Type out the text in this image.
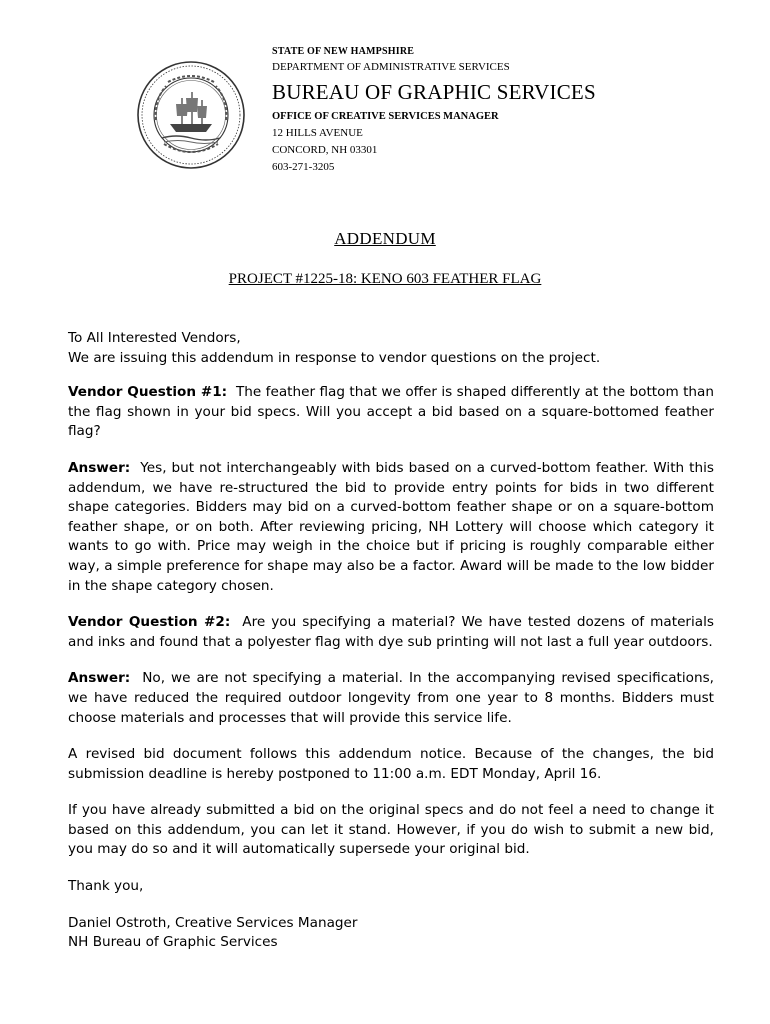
STATE OF NEW HAMPSHIRE
DEPARTMENT OF ADMINISTRATIVE SERVICES
BUREAU OF GRAPHIC SERVICES
OFFICE OF CREATIVE SERVICES MANAGER
12 HILLS AVENUE
CONCORD, NH 03301
603-271-3205
ADDENDUM
PROJECT #1225-18: KENO 603 FEATHER FLAG
To All Interested Vendors,
We are issuing this addendum in response to vendor questions on the project.
Vendor Question #1: The feather flag that we offer is shaped differently at the bottom than the flag shown in your bid specs. Will you accept a bid based on a square-bottomed feather flag?
Answer: Yes, but not interchangeably with bids based on a curved-bottom feather. With this addendum, we have re-structured the bid to provide entry points for bids in two different shape categories. Bidders may bid on a curved-bottom feather shape or on a square-bottom feather shape, or on both. After reviewing pricing, NH Lottery will choose which category it wants to go with. Price may weigh in the choice but if pricing is roughly comparable either way, a simple preference for shape may also be a factor. Award will be made to the low bidder in the shape category chosen.
Vendor Question #2: Are you specifying a material? We have tested dozens of materials and inks and found that a polyester flag with dye sub printing will not last a full year outdoors.
Answer: No, we are not specifying a material. In the accompanying revised specifications, we have reduced the required outdoor longevity from one year to 8 months. Bidders must choose materials and processes that will provide this service life.
A revised bid document follows this addendum notice. Because of the changes, the bid submission deadline is hereby postponed to 11:00 a.m. EDT Monday, April 16.
If you have already submitted a bid on the original specs and do not feel a need to change it based on this addendum, you can let it stand. However, if you do wish to submit a new bid, you may do so and it will automatically supersede your original bid.
Thank you,
Daniel Ostroth, Creative Services Manager
NH Bureau of Graphic Services
